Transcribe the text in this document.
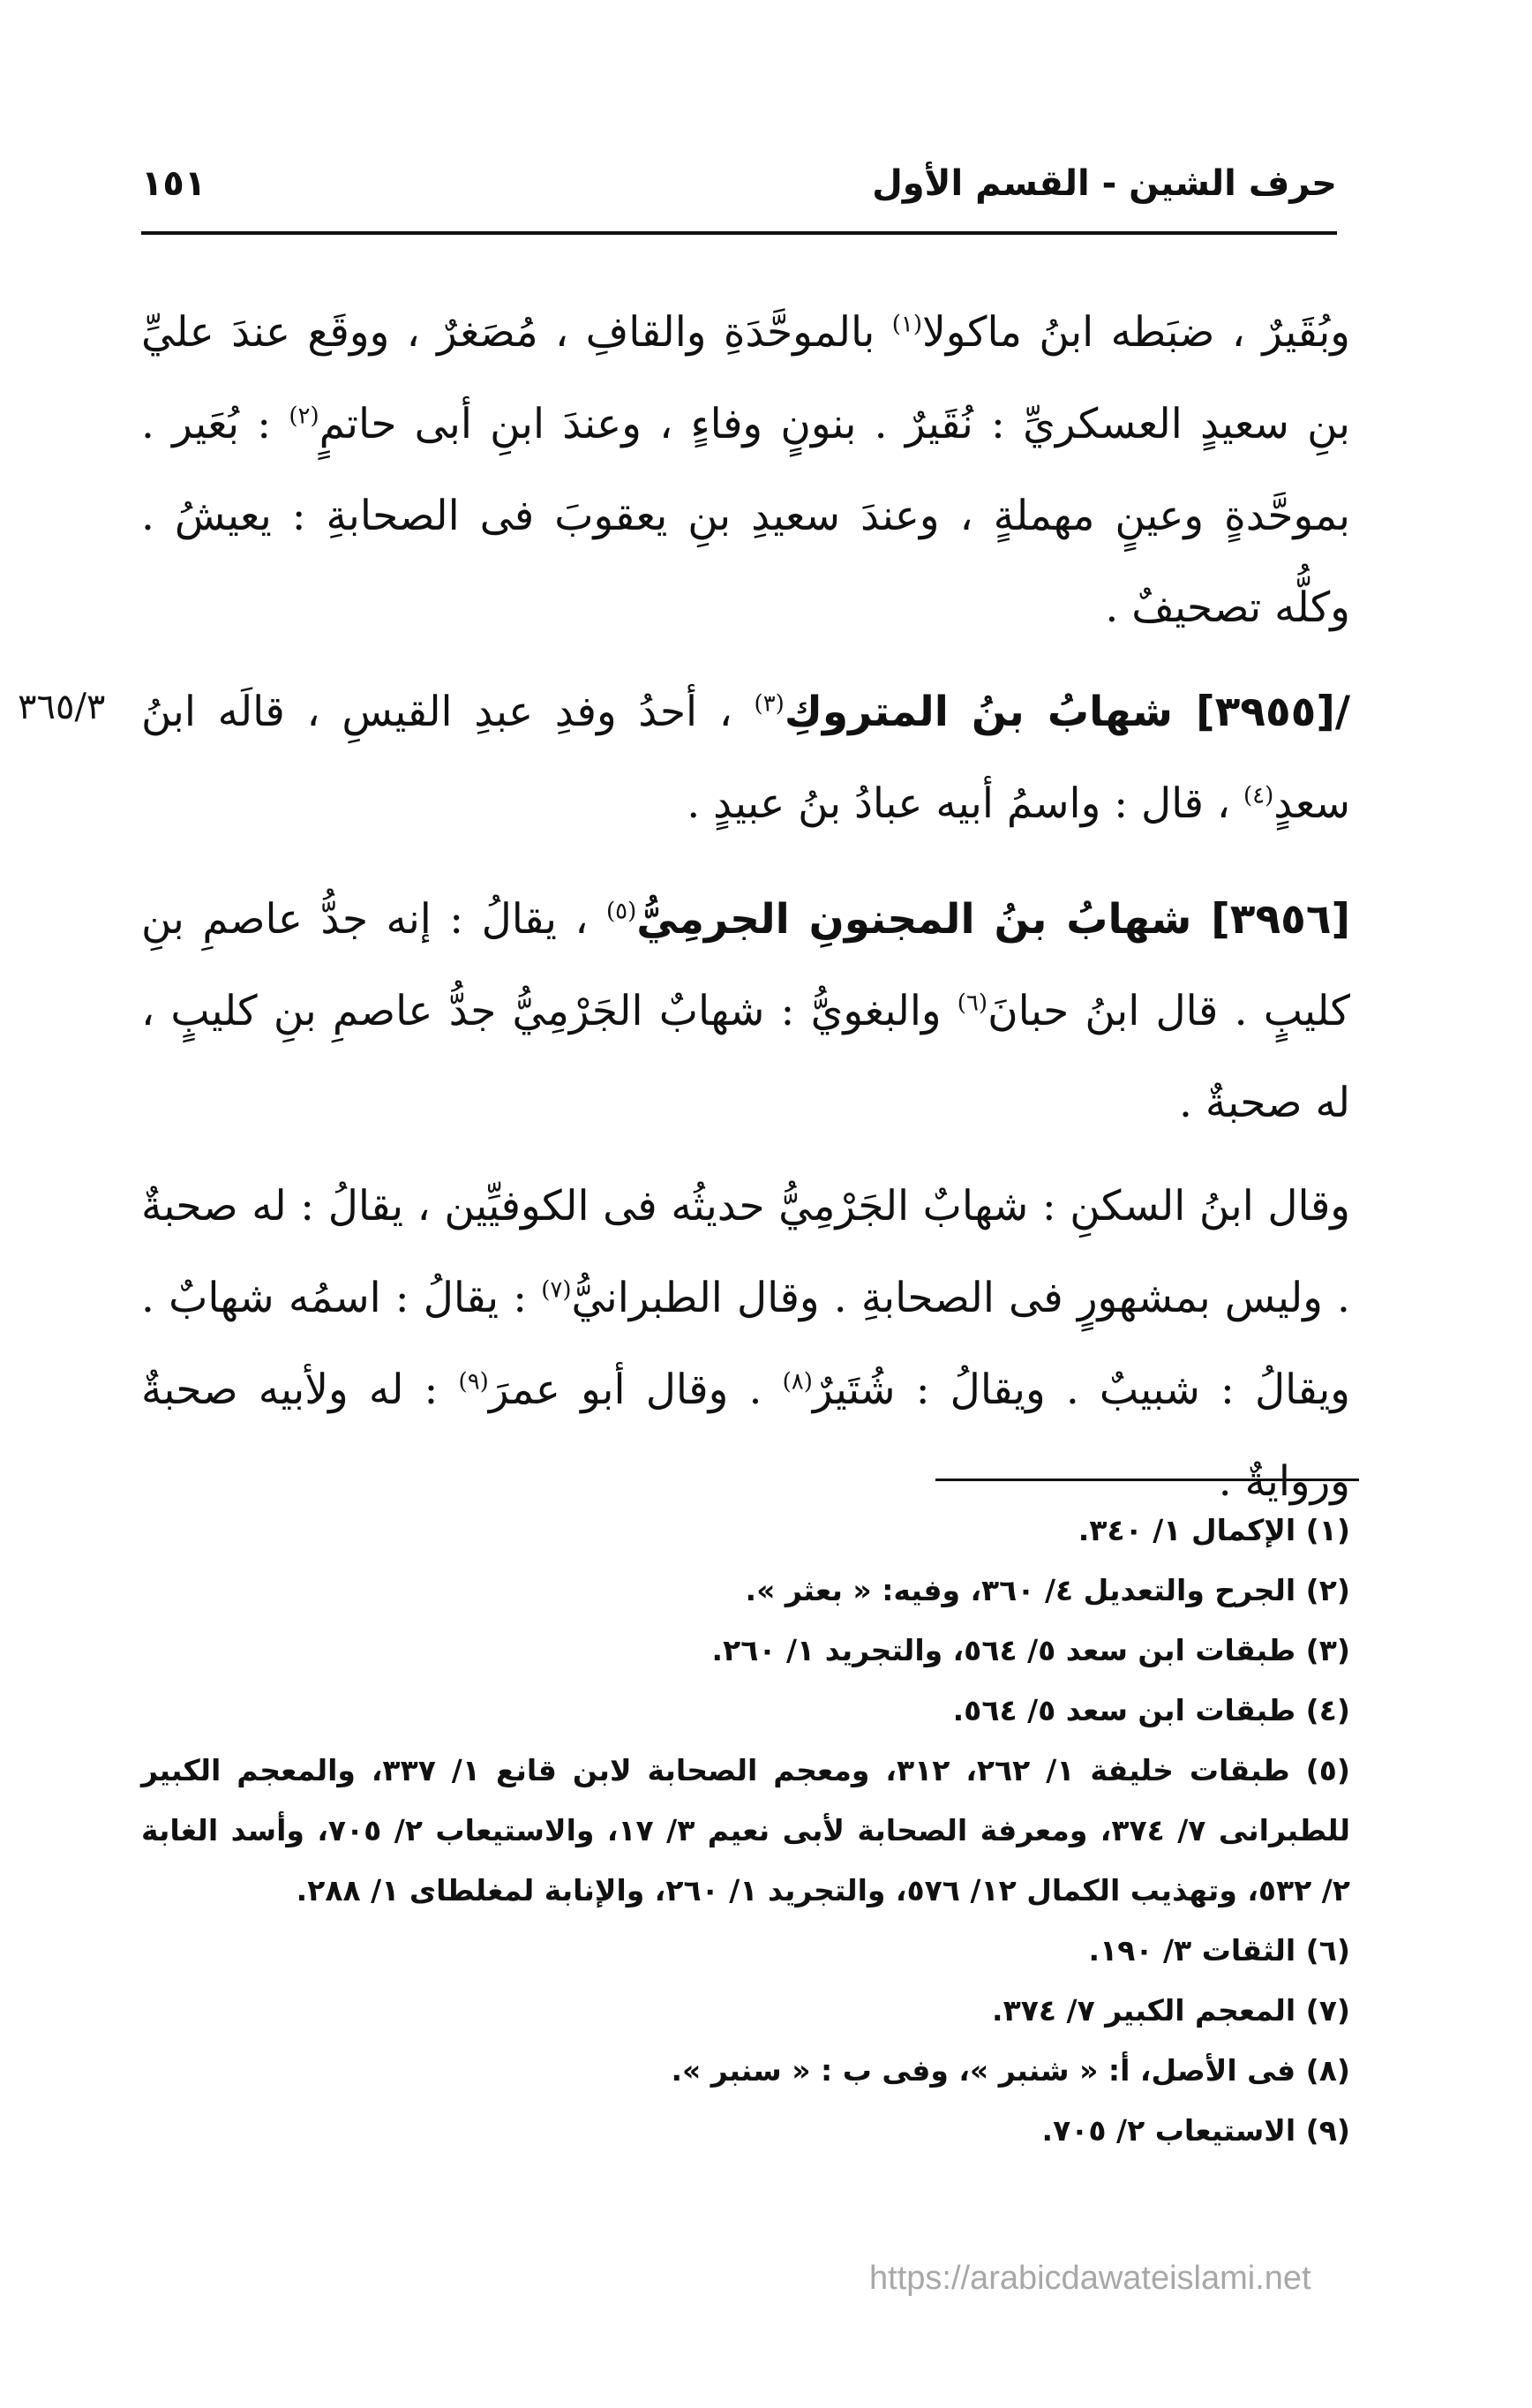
حرف الشين - القسم الأول
١٥١
٣٦٥/٣

وبُقَيرٌ ، ضبَطه ابنُ ماكولا$^{(١)}$ بالموحَّدَةِ والقافِ ، مُصَغرٌ ، ووقَع عندَ عليِّ بنِ سعيدٍ العسكريِّ : نُقَيرٌ . بنونٍ وفاءٍ ، وعندَ ابنِ أبى حاتمٍ$^{(٢)}$ : بُعَير . بموحَّدةٍ وعينٍ مهملةٍ ، وعندَ سعيدِ بنِ يعقوبَ فى الصحابةِ : يعيشُ . وكلُّه تصحيفٌ .

/[٣٩٥٥] شهابُ بنُ المتروكِ$^{(٣)}$ ، أحدُ وفدِ عبدِ القيسِ ، قالَه ابنُ سعدٍ$^{(٤)}$ ، قال : واسمُ أبيه عبادُ بنُ عبيدٍ .

[٣٩٥٦] شهابُ بنُ المجنونِ الجرمِيُّ$^{(٥)}$ ، يقالُ : إنه جدُّ عاصمِ بنِ كليبٍ . قال ابنُ حبانَ$^{(٦)}$ والبغويُّ : شهابٌ الجَرْمِيُّ جدُّ عاصمِ بنِ كليبٍ ، له صحبةٌ .

وقال ابنُ السكنِ : شهابٌ الجَرْمِيُّ حديثُه فى الكوفيِّين ، يقالُ : له صحبةٌ . وليس بمشهورٍ فى الصحابةِ . وقال الطبرانيُّ$^{(٧)}$ : يقالُ : اسمُه شهابٌ . ويقالُ : شبيبٌ . ويقالُ : شُتَيرٌ$^{(٨)}$ . وقال أبو عمرَ$^{(٩)}$ : له ولأبيه صحبةٌ وروايةٌ .

(١) الإكمال ١/ ٣٤٠.

(٢) الجرح والتعديل ٤/ ٣٦٠، وفيه: « بعثر ».

(٣) طبقات ابن سعد ٥/ ٥٦٤، والتجريد ١/ ٢٦٠.

(٤) طبقات ابن سعد ٥/ ٥٦٤.

(٥) طبقات خليفة ١/ ٢٦٢، ٣١٢، ومعجم الصحابة لابن قانع ١/ ٣٣٧، والمعجم الكبير للطبرانى ٧/ ٣٧٤، ومعرفة الصحابة لأبى نعيم ٣/ ١٧، والاستيعاب ٢/ ٧٠٥، وأسد الغابة ٢/ ٥٣٢، وتهذيب الكمال ١٢/ ٥٧٦، والتجريد ١/ ٢٦٠، والإنابة لمغلطاى ١/ ٢٨٨.

(٦) الثقات ٣/ ١٩٠.

(٧) المعجم الكبير ٧/ ٣٧٤.

(٨) فى الأصل، أ: « شنبر »، وفى ب : « سنبر ».

(٩) الاستيعاب ٢/ ٧٠٥.

https://arabicdawateislami.net
